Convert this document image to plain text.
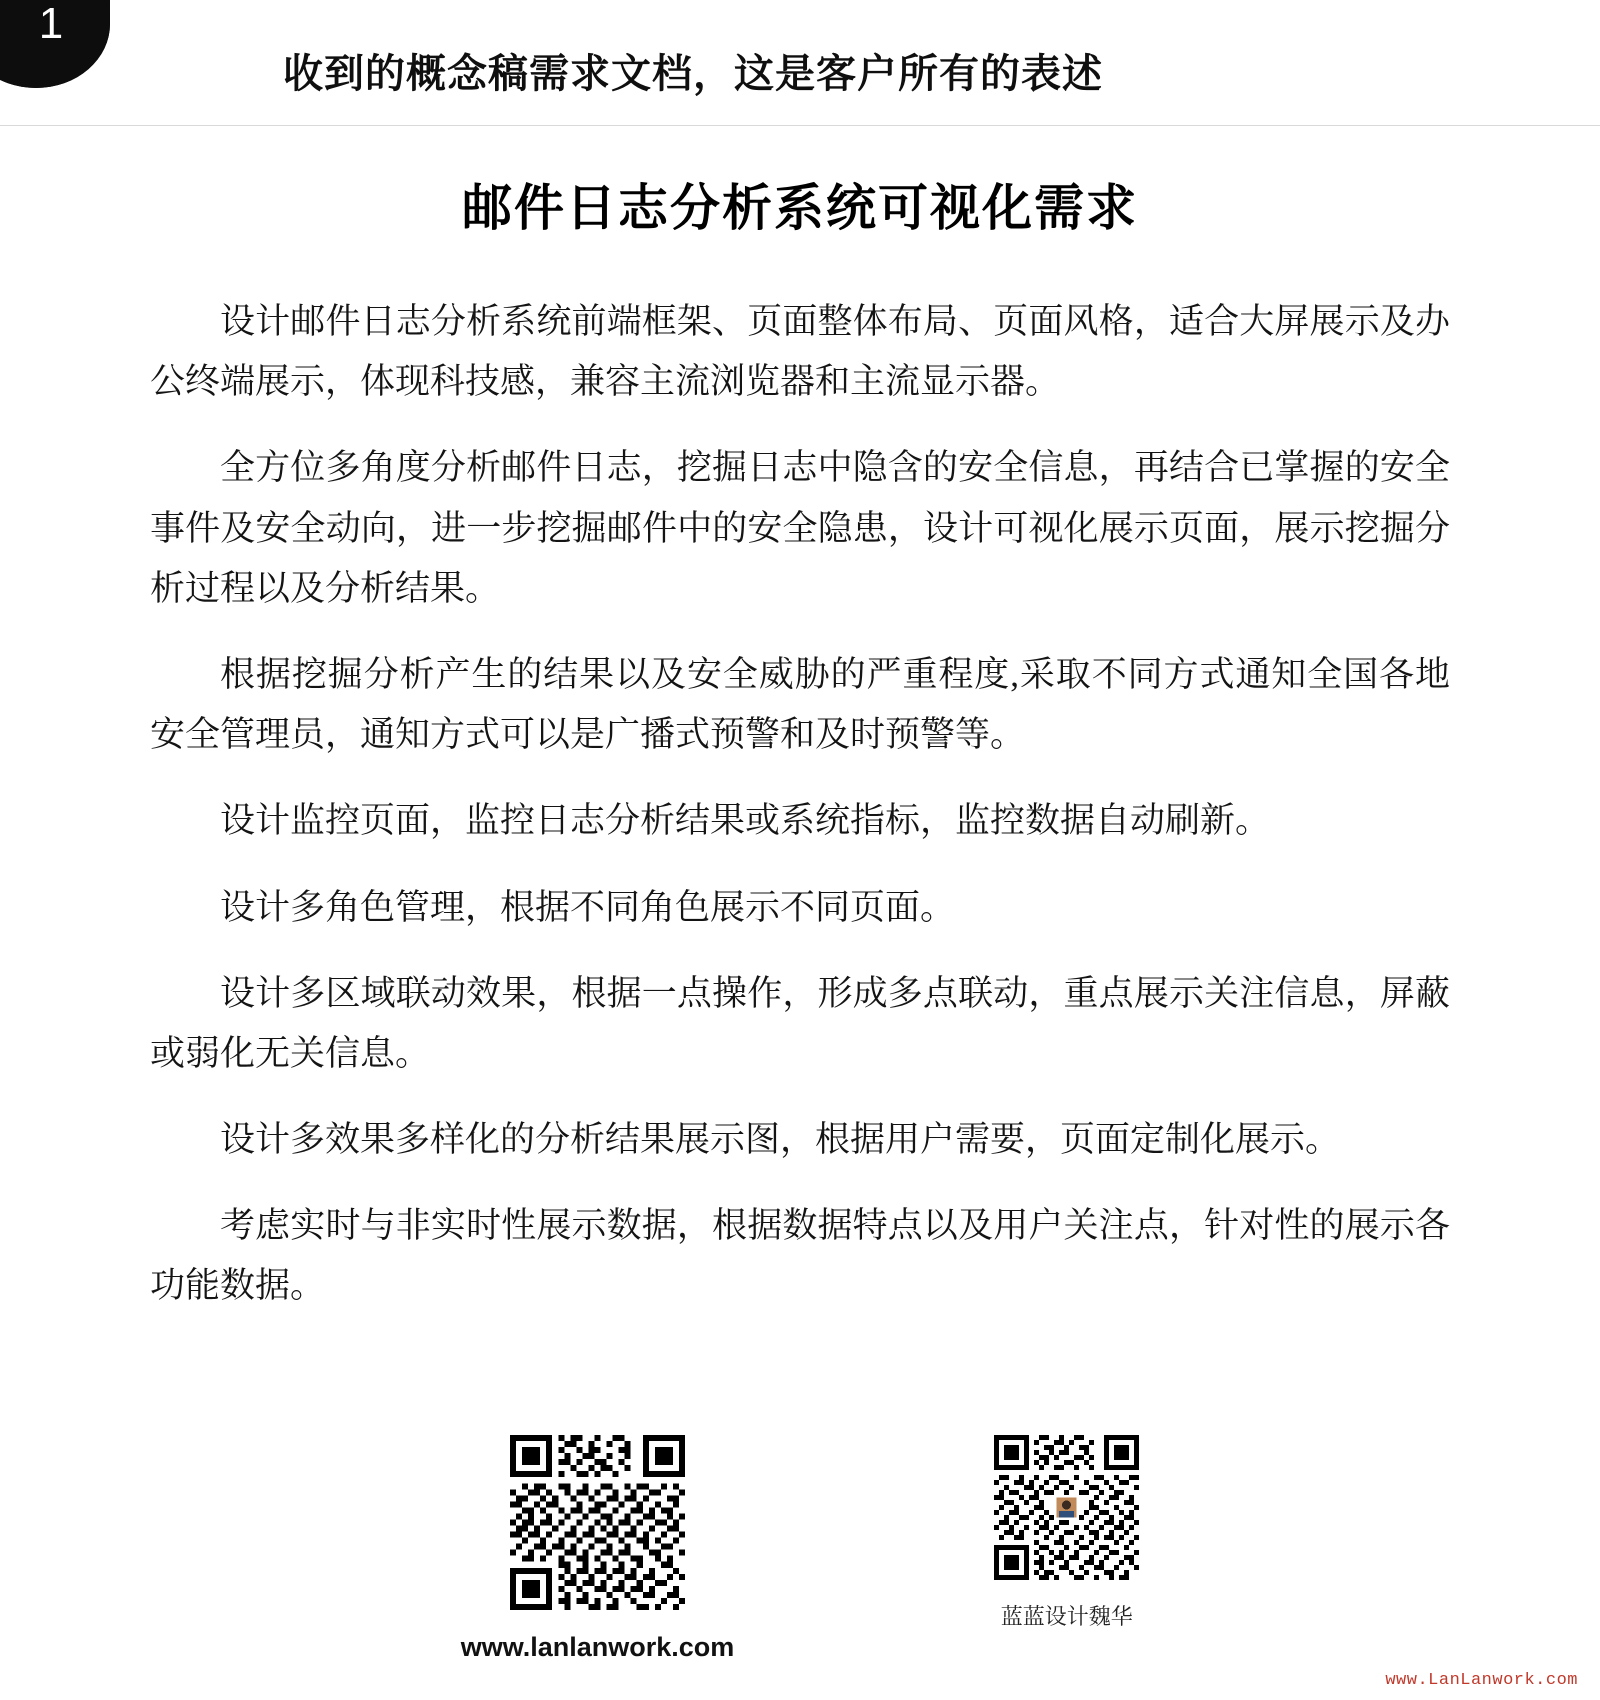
1
收到的概念稿需求文档，这是客户所有的表述
邮件日志分析系统可视化需求

设计邮件日志分析系统前端框架、页面整体布局、页面风格，适合大屏展示及办公终端展示，体现科技感，兼容主流浏览器和主流显示器。

全方位多角度分析邮件日志，挖掘日志中隐含的安全信息，再结合已掌握的安全事件及安全动向，进一步挖掘邮件中的安全隐患，设计可视化展示页面，展示挖掘分析过程以及分析结果。

根据挖掘分析产生的结果以及安全威胁的严重程度,采取不同方式通知全国各地安全管理员，通知方式可以是广播式预警和及时预警等。

设计监控页面，监控日志分析结果或系统指标，监控数据自动刷新。

设计多角色管理，根据不同角色展示不同页面。

设计多区域联动效果，根据一点操作，形成多点联动，重点展示关注信息，屏蔽或弱化无关信息。

设计多效果多样化的分析结果展示图，根据用户需要，页面定制化展示。

考虑实时与非实时性展示数据，根据数据特点以及用户关注点，针对性的展示各功能数据。

www.lanlanwork.com
蓝蓝设计魏华
www.LanLanwork.com
